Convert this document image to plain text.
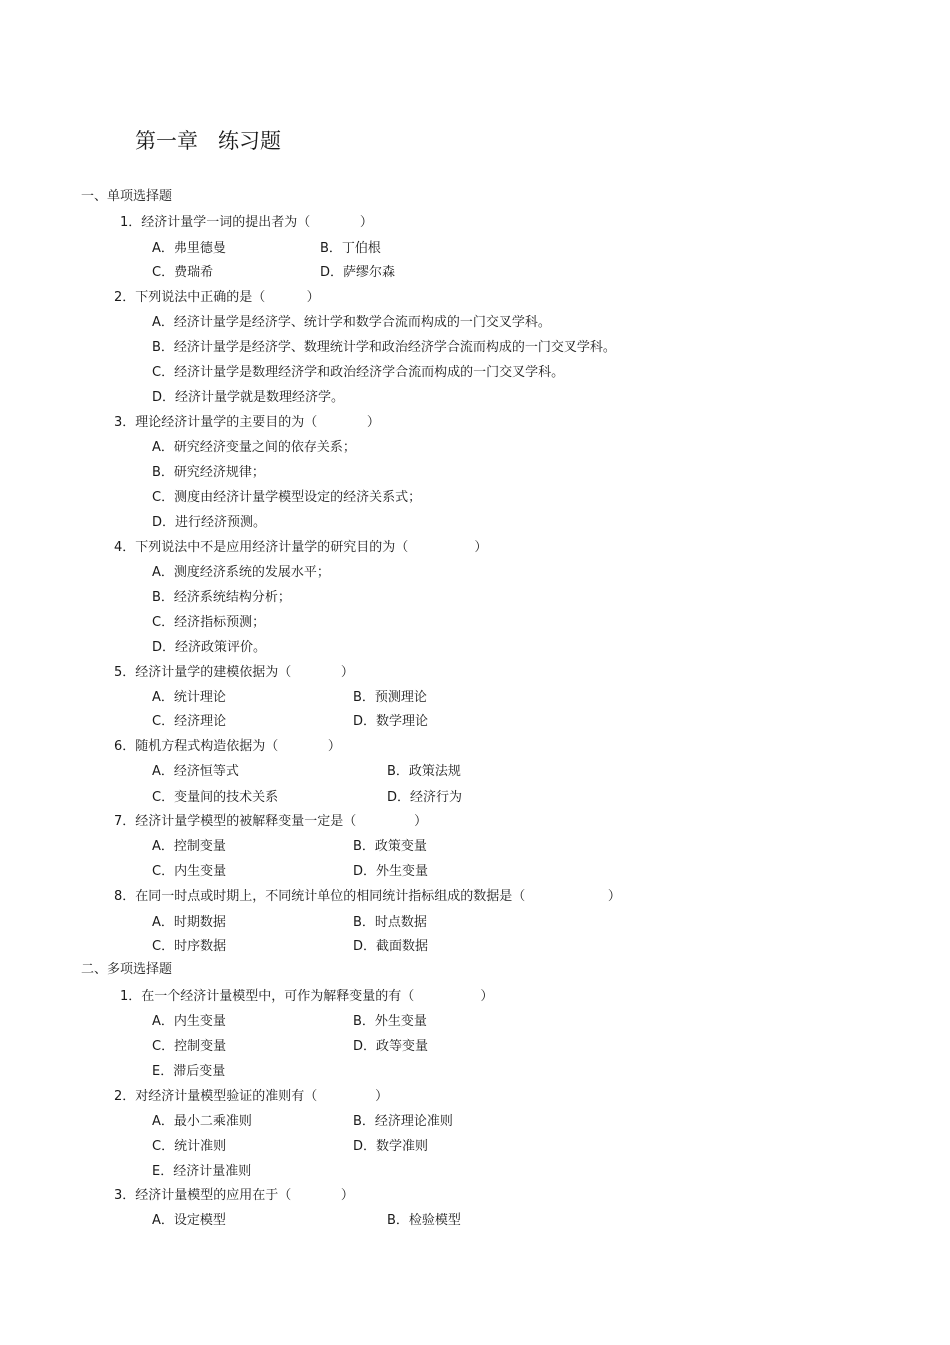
第一章   练习题
一、单项选择题
1．经济计量学一词的提出者为（            ）
A．弗里德曼	B．丁伯根
C．费瑞希	D．萨缪尔森
2．下列说法中正确的是（          ）
A．经济计量学是经济学、统计学和数学合流而构成的一门交叉学科。
B．经济计量学是经济学、数理统计学和政治经济学合流而构成的一门交叉学科。
C．经济计量学是数理经济学和政治经济学合流而构成的一门交叉学科。
D．经济计量学就是数理经济学。
3．理论经济计量学的主要目的为（            ）
A．研究经济变量之间的依存关系；
B．研究经济规律；
C．测度由经济计量学模型设定的经济关系式；
D．进行经济预测。
4．下列说法中不是应用经济计量学的研究目的为（                ）
A．测度经济系统的发展水平；
B．经济系统结构分析；
C．经济指标预测；
D．经济政策评价。
5．经济计量学的建模依据为（            ）
A．统计理论	B．预测理论
C．经济理论	D．数学理论
6．随机方程式构造依据为（            ）
A．经济恒等式	B．政策法规
C．变量间的技术关系	D．经济行为
7．经济计量学模型的被解释变量一定是（              ）
A．控制变量	B．政策变量
C．内生变量	D．外生变量
8．在同一时点或时期上，不同统计单位的相同统计指标组成的数据是（                    ）
A．时期数据	B．时点数据
C．时序数据	D．截面数据
二、多项选择题
1．在一个经济计量模型中，可作为解释变量的有（                ）
A．内生变量	B．外生变量
C．控制变量	D．政等变量
E．滞后变量
2．对经济计量模型验证的准则有（              ）
A．最小二乘准则	B．经济理论准则
C．统计准则	D．数学准则
E．经济计量准则
3．经济计量模型的应用在于（            ）
A．设定模型	B．检验模型
